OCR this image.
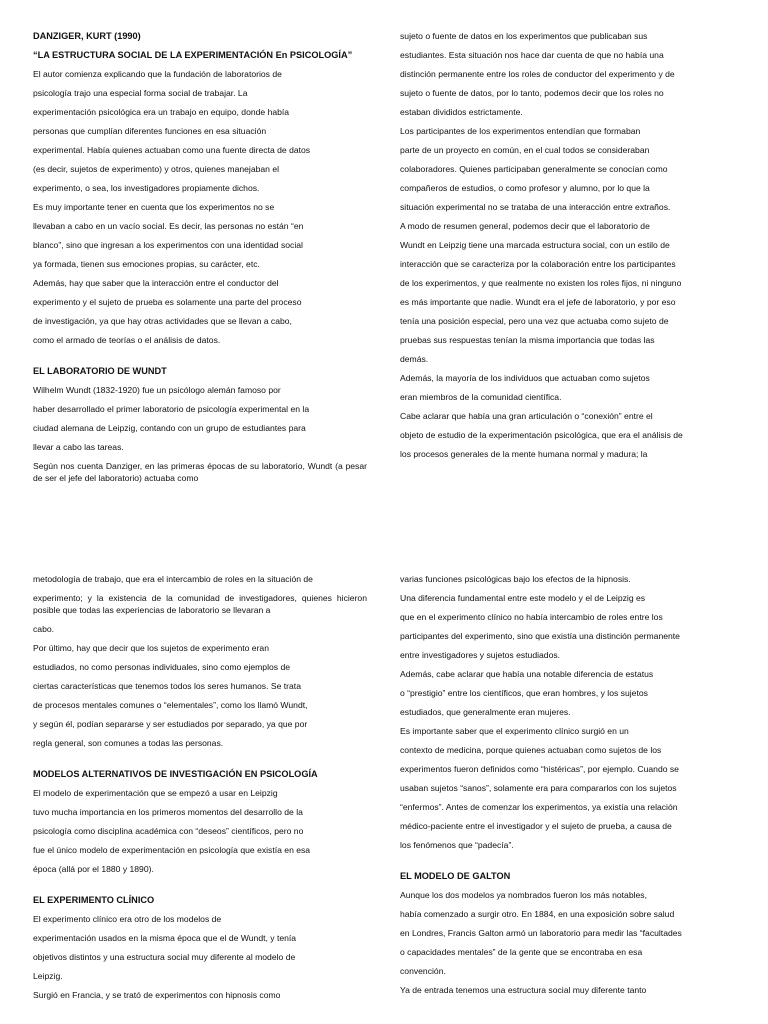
DANZIGER, KURT (1990)

“LA ESTRUCTURA SOCIAL DE LA EXPERIMENTACIÓN En PSICOLOGÍA”

El autor comienza explicando que la fundación de laboratorios de

psicología trajo una especial forma social de trabajar. La

experimentación psicológica era un trabajo en equipo, donde había

personas que cumplían diferentes funciones en esa situación

experimental. Había quienes actuaban como una fuente directa de datos

(es decir, sujetos de experimento) y otros, quienes manejaban el

experimento, o sea, los investigadores propiamente dichos.

Es muy importante tener en cuenta que los experimentos no se

llevaban a cabo en un vacío social. Es decir, las personas no están “en

blanco”, sino que ingresan a los experimentos con una identidad social

ya formada, tienen sus emociones propias, su carácter, etc.

Además, hay que saber que la interacción entre el conductor del

experimento y el sujeto de prueba es solamente una parte del proceso

de investigación, ya que hay otras actividades que se llevan a cabo,

como el armado de teorías o el análisis de datos.

EL LABORATORIO DE WUNDT

Wilhelm Wundt (1832-1920) fue un psicólogo alemán famoso por

haber desarrollado el primer laboratorio de psicología experimental en la

ciudad alemana de Leipzig, contando con un grupo de estudiantes para

llevar a cabo las tareas.

Según nos cuenta Danziger, en las primeras épocas de su laboratorio, Wundt (a pesar de ser el jefe del laboratorio) actuaba como

sujeto o fuente de datos en los experimentos que publicaban sus

estudiantes. Esta situación nos hace dar cuenta de que no había una

distinción permanente entre los roles de conductor del experimento y de

sujeto o fuente de datos, por lo tanto, podemos decir que los roles no

estaban divididos estrictamente.

Los participantes de los experimentos entendían que formaban

parte de un proyecto en común, en el cual todos se consideraban

colaboradores. Quienes participaban generalmente se conocían como

compañeros de estudios, o como profesor y alumno, por lo que la

situación experimental no se trataba de una interacción entre extraños.

A modo de resumen general, podemos decir que el laboratorio de

Wundt en Leipzig tiene una marcada estructura social, con un estilo de

interacción que se caracteriza por la colaboración entre los participantes

de los experimentos, y que realmente no existen los roles fijos, ni ninguno

es más importante que nadie. Wundt era el jefe de laboratorio, y por eso

tenía una posición especial, pero una vez que actuaba como sujeto de

pruebas sus respuestas tenían la misma importancia que todas las

demás.

Además, la mayoría de los individuos que actuaban como sujetos

eran miembros de la comunidad científica.

Cabe aclarar que había una gran articulación o “conexión” entre el

objeto de estudio de la experimentación psicológica, que era el análisis de

los procesos generales de la mente humana normal y madura; la

metodología de trabajo, que era el intercambio de roles en la situación de

experimento; y la existencia de la comunidad de investigadores, quienes hicieron posible que todas las experiencias de laboratorio se llevaran a

cabo.

Por último, hay que decir que los sujetos de experimento eran

estudiados, no como personas individuales, sino como ejemplos de

ciertas características que tenemos todos los seres humanos. Se trata

de procesos mentales comunes o “elementales”, como los llamó Wundt,

y según él, podían separarse y ser estudiados por separado, ya que por

regla general, son comunes a todas las personas.

MODELOS ALTERNATIVOS DE INVESTIGACIÓN EN PSICOLOGÍA

El modelo de experimentación que se empezó a usar en Leipzig

tuvo mucha importancia en los primeros momentos del desarrollo de la

psicología como disciplina académica con “deseos” científicos, pero no

fue el único modelo de experimentación en psicología que existía en esa

época (allá por el 1880 y 1890).

EL EXPERIMENTO CLÍNICO

El experimento clínico era otro de los modelos de

experimentación usados en la misma época que el de Wundt, y tenía

objetivos distintos y una estructura social muy diferente al modelo de

Leipzig.

Surgió en Francia, y se trató de experimentos con hipnosis como

varias funciones psicológicas bajo los efectos de la hipnosis.

Una diferencia fundamental entre este modelo y el de Leipzig es

que en el experimento clínico no había intercambio de roles entre los

participantes del experimento, sino que existía una distinción permanente

entre investigadores y sujetos estudiados.

Además, cabe aclarar que había una notable diferencia de estatus

o “prestigio” entre los científicos, que eran hombres, y los sujetos

estudiados, que generalmente eran mujeres.

Es importante saber que el experimento clínico surgió en un

contexto de medicina, porque quienes actuaban como sujetos de los

experimentos fueron definidos como “histéricas”, por ejemplo. Cuando se

usaban sujetos “sanos”, solamente era para compararlos con los sujetos

“enfermos”. Antes de comenzar los experimentos, ya existía una relación

médico-paciente entre el investigador y el sujeto de prueba, a causa de

los fenómenos que “padecía”.

EL MODELO DE GALTON

Aunque los dos modelos ya nombrados fueron los más notables,

había comenzado a surgir otro. En 1884, en una exposición sobre salud

en Londres, Francis Galton armó un laboratorio para medir las “facultades

o capacidades mentales” de la gente que se encontraba en esa

convención.

Ya de entrada tenemos una estructura social muy diferente tanto
